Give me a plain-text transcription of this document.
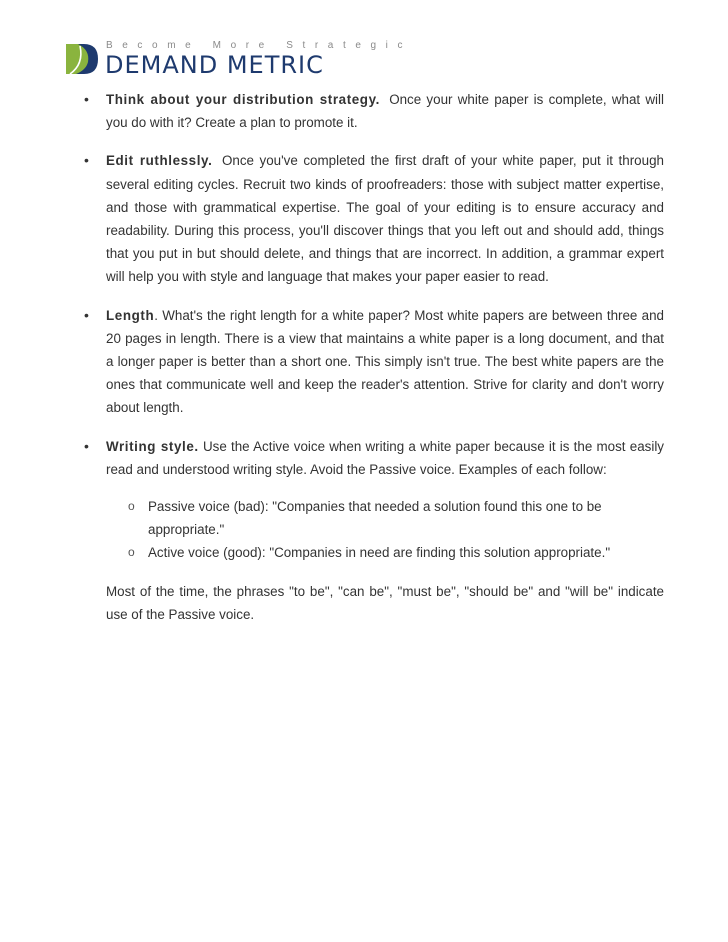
Become More Strategic
DEMAND METRIC
• Think about your distribution strategy. Once your white paper is complete, what will you do with it? Create a plan to promote it.

• Edit ruthlessly. Once you've completed the first draft of your white paper, put it through several editing cycles. Recruit two kinds of proofreaders: those with subject matter expertise, and those with grammatical expertise. The goal of your editing is to ensure accuracy and readability. During this process, you'll discover things that you left out and should add, things that you put in but should delete, and things that are incorrect. In addition, a grammar expert will help you with style and language that makes your paper easier to read.

• Length. What's the right length for a white paper? Most white papers are between three and 20 pages in length. There is a view that maintains a white paper is a long document, and that a longer paper is better than a short one. This simply isn't true. The best white papers are the ones that communicate well and keep the reader's attention. Strive for clarity and don't worry about length.

• Writing style. Use the Active voice when writing a white paper because it is the most easily read and understood writing style. Avoid the Passive voice. Examples of each follow:

o Passive voice (bad): "Companies that needed a solution found this one to be appropriate."

o Active voice (good): "Companies in need are finding this solution appropriate."

Most of the time, the phrases "to be", "can be", "must be", "should be" and "will be" indicate use of the Passive voice.
